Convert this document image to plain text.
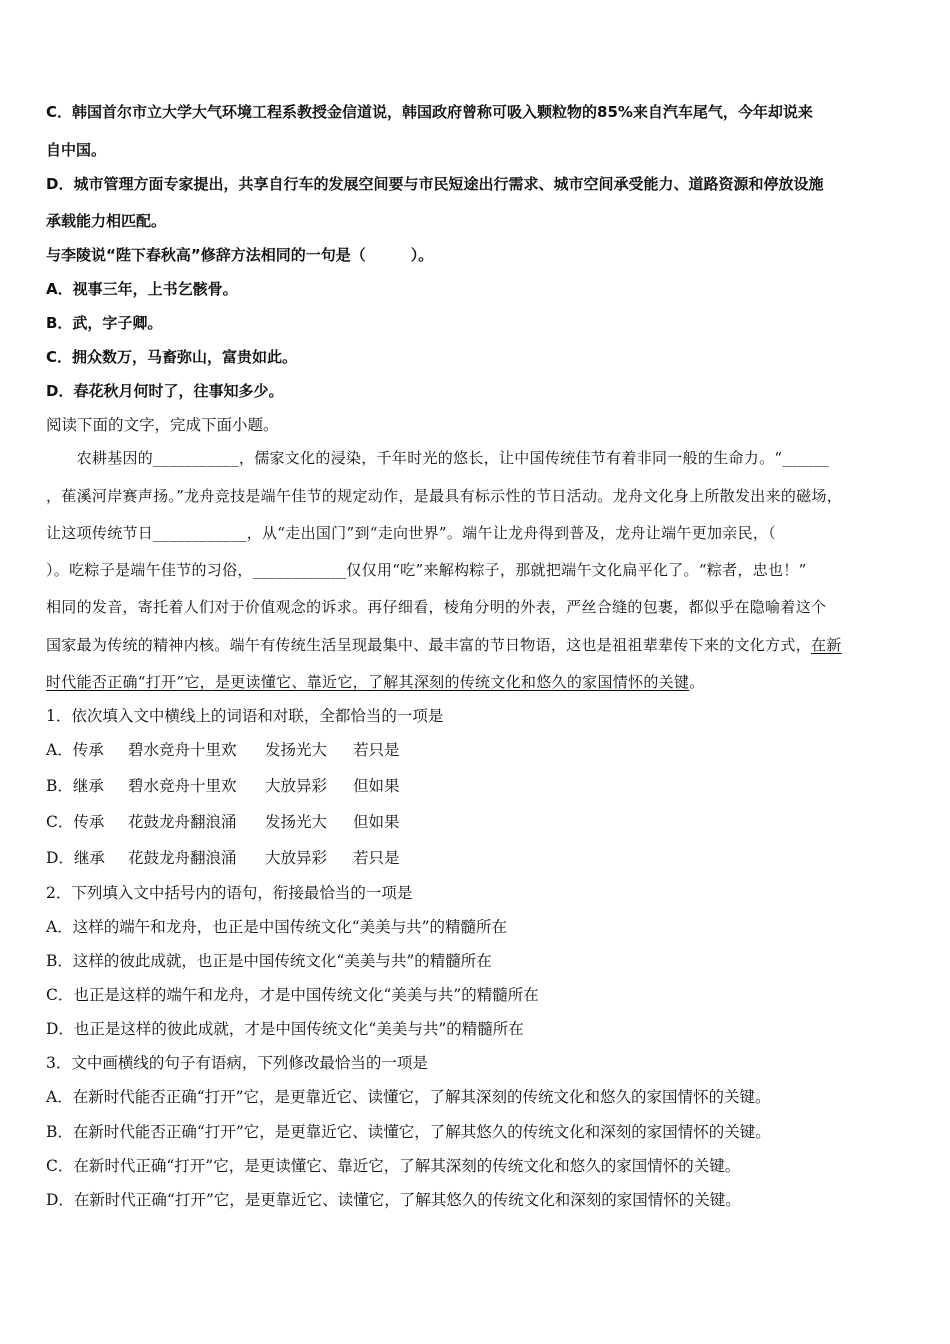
C．韩国首尔市立大学大气环境工程系教授金信道说，韩国政府曾称可吸入颗粒物的85%来自汽车尾气，今年却说来
自中国。
D．城市管理方面专家提出，共享自行车的发展空间要与市民短途出行需求、城市空间承受能力、道路资源和停放设施
承载能力相匹配。
与李陵说“陛下春秋高”修辞方法相同的一句是（　　　）。
A．视事三年，上书乞骸骨。
B．武，字子卿。
C．拥众数万，马畜弥山，富贵如此。
D．春花秋月何时了，往事知多少。
阅读下面的文字，完成下面小题。
　　农耕基因的___________，儒家文化的浸染，千年时光的悠长，让中国传统佳节有着非同一般的生命力。“______
，萑溪河岸赛声扬。”龙舟竞技是端午佳节的规定动作，是最具有标示性的节日活动。龙舟文化身上所散发出来的磁场，
让这项传统节日____________，从“走出国门”到“走向世界”。端午让龙舟得到普及，龙舟让端午更加亲民，（
）。吃粽子是端午佳节的习俗，____________仅仅用“吃”来解构粽子，那就把端午文化扁平化了。“粽者，忠也！”
相同的发音，寄托着人们对于价值观念的诉求。再仔细看，棱角分明的外表，严丝合缝的包裹，都似乎在隐喻着这个
国家最为传统的精神内核。端午有传统生活呈现最集中、最丰富的节日物语，这也是祖祖辈辈传下来的文化方式，在新
时代能否正确“打开”它，是更读懂它、靠近它，了解其深刻的传统文化和悠久的家国情怀的关键。
1．依次填入文中横线上的词语和对联，全都恰当的一项是
A．传承 碧水竞舟十里欢 发扬光大 若只是
B．继承 碧水竞舟十里欢 大放异彩 但如果
C．传承 花鼓龙舟翻浪涌 发扬光大 但如果
D．继承 花鼓龙舟翻浪涌 大放异彩 若只是
2．下列填入文中括号内的语句，衔接最恰当的一项是
A．这样的端午和龙舟，也正是中国传统文化“美美与共”的精髓所在
B．这样的彼此成就，也正是中国传统文化“美美与共”的精髓所在
C．也正是这样的端午和龙舟，才是中国传统文化“美美与共”的精髓所在
D．也正是这样的彼此成就，才是中国传统文化“美美与共”的精髓所在
3．文中画横线的句子有语病，下列修改最恰当的一项是
A．在新时代能否正确“打开”它，是更靠近它、读懂它，了解其深刻的传统文化和悠久的家国情怀的关键。
B．在新时代能否正确“打开”它，是更靠近它、读懂它，了解其悠久的传统文化和深刻的家国情怀的关键。
C．在新时代正确“打开”它，是更读懂它、靠近它，了解其深刻的传统文化和悠久的家国情怀的关键。
D．在新时代正确“打开”它，是更靠近它、读懂它，了解其悠久的传统文化和深刻的家国情怀的关键。
